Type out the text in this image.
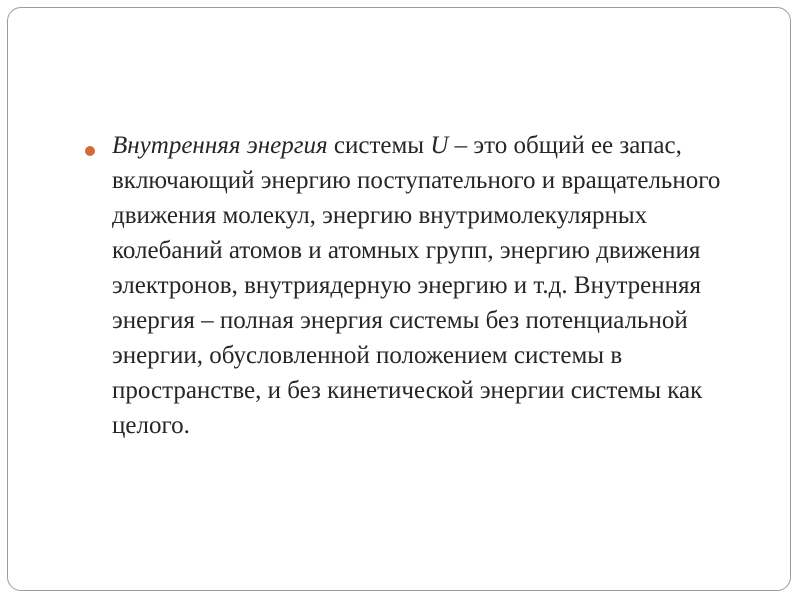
Внутренняя энергия системы U – это общий ее запас, включающий энергию поступательного и вращательного движения молекул, энергию внутримолекулярных колебаний атомов и атомных групп, энергию движения электронов, внутриядерную энергию и т.д. Внутренняя энергия – полная энергия системы без потенциальной энергии, обусловленной положением системы в пространстве, и без кинетической энергии системы как целого.
